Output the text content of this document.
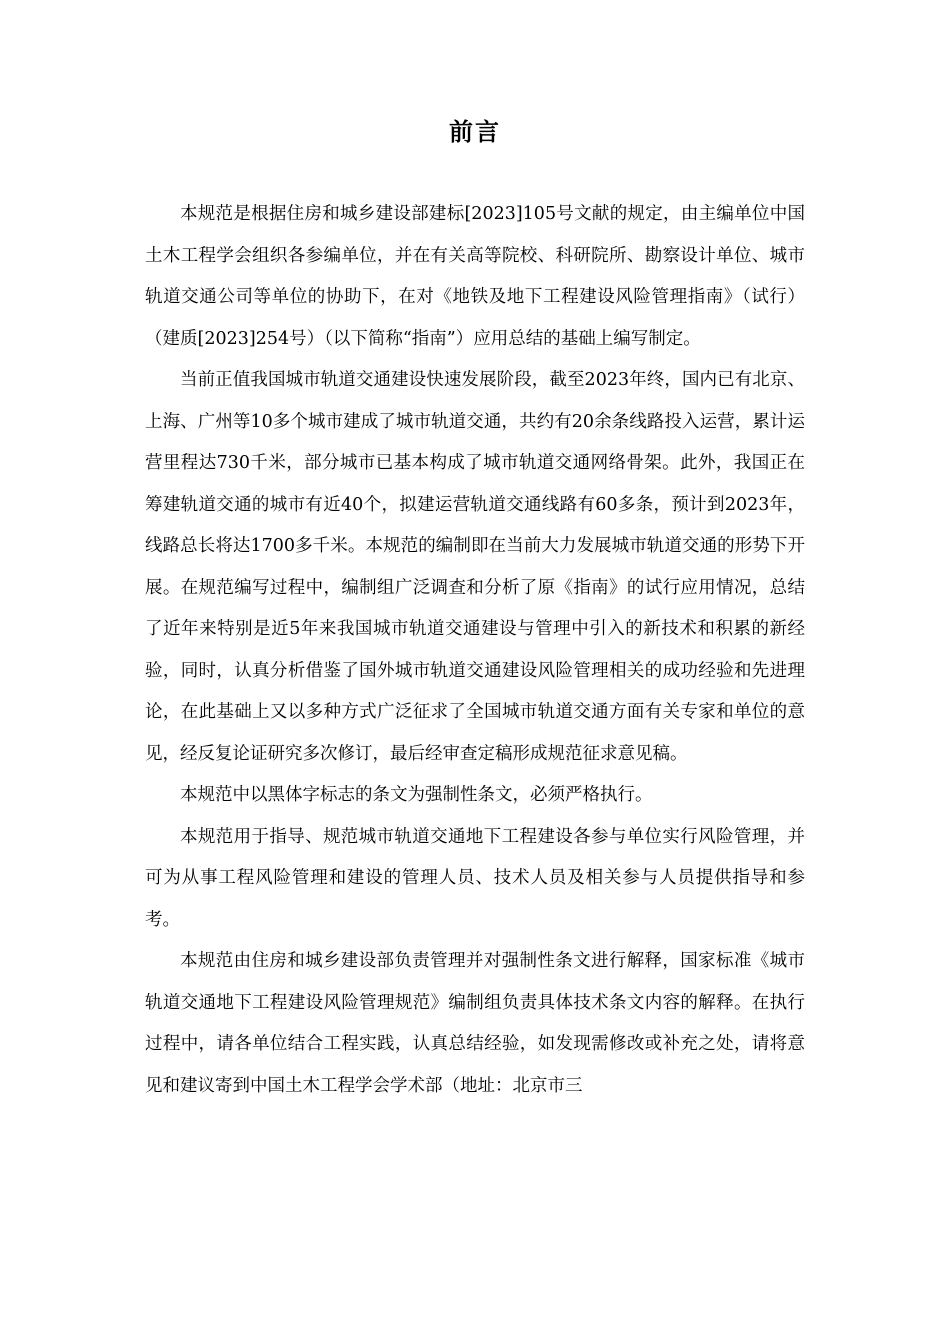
前言

本规范是根据住房和城乡建设部建标[2023]105号文献的规定，由主编单位中国土木工程学会组织各参编单位，并在有关高等院校、科研院所、勘察设计单位、城市轨道交通公司等单位的协助下，在对《地铁及地下工程建设风险管理指南》（试行）（建质[2023]254号）（以下简称“指南”）应用总结的基础上编写制定。

当前正值我国城市轨道交通建设快速发展阶段，截至2023年终，国内已有北京、上海、广州等10多个城市建成了城市轨道交通，共约有20余条线路投入运营，累计运营里程达730千米，部分城市已基本构成了城市轨道交通网络骨架。此外，我国正在筹建轨道交通的城市有近40个，拟建运营轨道交通线路有60多条，预计到2023年，线路总长将达1700多千米。本规范的编制即在当前大力发展城市轨道交通的形势下开展。在规范编写过程中，编制组广泛调查和分析了原《指南》的试行应用情况，总结了近年来特别是近5年来我国城市轨道交通建设与管理中引入的新技术和积累的新经验，同时，认真分析借鉴了国外城市轨道交通建设风险管理相关的成功经验和先进理论，在此基础上又以多种方式广泛征求了全国城市轨道交通方面有关专家和单位的意见，经反复论证研究多次修订，最后经审查定稿形成规范征求意见稿。

本规范中以黑体字标志的条文为强制性条文，必须严格执行。

本规范用于指导、规范城市轨道交通地下工程建设各参与单位实行风险管理，并可为从事工程风险管理和建设的管理人员、技术人员及相关参与人员提供指导和参考。

本规范由住房和城乡建设部负责管理并对强制性条文进行解释，国家标准《城市轨道交通地下工程建设风险管理规范》编制组负责具体技术条文内容的解释。在执行过程中，请各单位结合工程实践，认真总结经验，如发现需修改或补充之处，请将意见和建议寄到中国土木工程学会学术部（地址：北京市三
